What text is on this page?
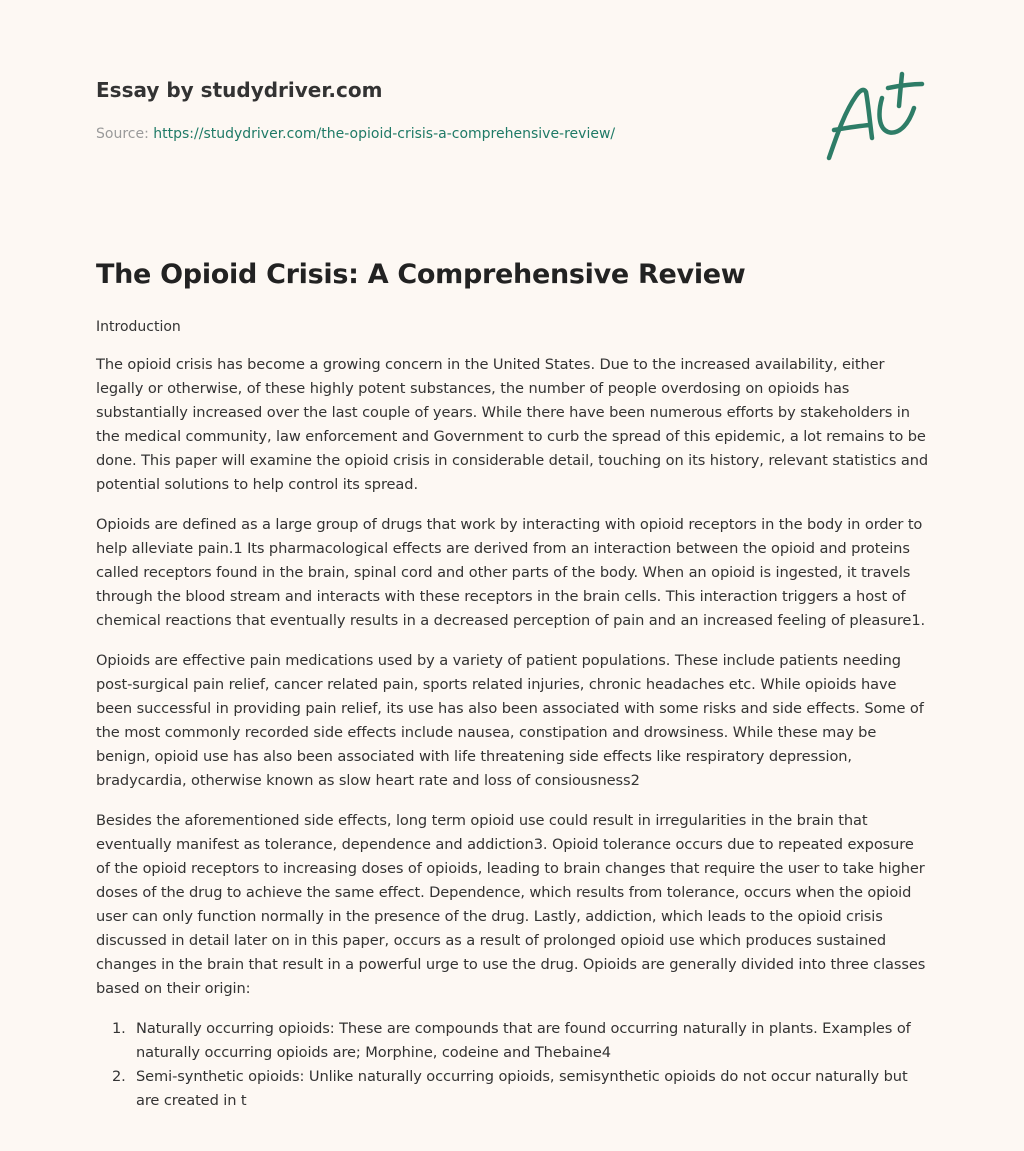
Essay by studydriver.com
Source: https://studydriver.com/the-opioid-crisis-a-comprehensive-review/
The Opioid Crisis: A Comprehensive Review
Introduction

The opioid crisis has become a growing concern in the United States. Due to the increased availability, either legally or otherwise, of these highly potent substances, the number of people overdosing on opioids has substantially increased over the last couple of years. While there have been numerous efforts by stakeholders in the medical community, law enforcement and Government to curb the spread of this epidemic, a lot remains to be done. This paper will examine the opioid crisis in considerable detail, touching on its history, relevant statistics and potential solutions to help control its spread.

Opioids are defined as a large group of drugs that work by interacting with opioid receptors in the body in order to help alleviate pain.1 Its pharmacological effects are derived from an interaction between the opioid and proteins called receptors found in the brain, spinal cord and other parts of the body. When an opioid is ingested, it travels through the blood stream and interacts with these receptors in the brain cells. This interaction triggers a host of chemical reactions that eventually results in a decreased perception of pain and an increased feeling of pleasure1.

Opioids are effective pain medications used by a variety of patient populations. These include patients needing post-surgical pain relief, cancer related pain, sports related injuries, chronic headaches etc. While opioids have been successful in providing pain relief, its use has also been associated with some risks and side effects. Some of the most commonly recorded side effects include nausea, constipation and drowsiness. While these may be benign, opioid use has also been associated with life threatening side effects like respiratory depression, bradycardia, otherwise known as slow heart rate and loss of consiousness2

Besides the aforementioned side effects, long term opioid use could result in irregularities in the brain that eventually manifest as tolerance, dependence and addiction3. Opioid tolerance occurs due to repeated exposure of the opioid receptors to increasing doses of opioids, leading to brain changes that require the user to take higher doses of the drug to achieve the same effect. Dependence, which results from tolerance, occurs when the opioid user can only function normally in the presence of the drug. Lastly, addiction, which leads to the opioid crisis discussed in detail later on in this paper, occurs as a result of prolonged opioid use which produces sustained changes in the brain that result in a powerful urge to use the drug. Opioids are generally divided into three classes based on their origin:

1. Naturally occurring opioids: These are compounds that are found occurring naturally in plants. Examples of naturally occurring opioids are; Morphine, codeine and Thebaine4
2. Semi-synthetic opioids: Unlike naturally occurring opioids, semisynthetic opioids do not occur naturally but are created in t
